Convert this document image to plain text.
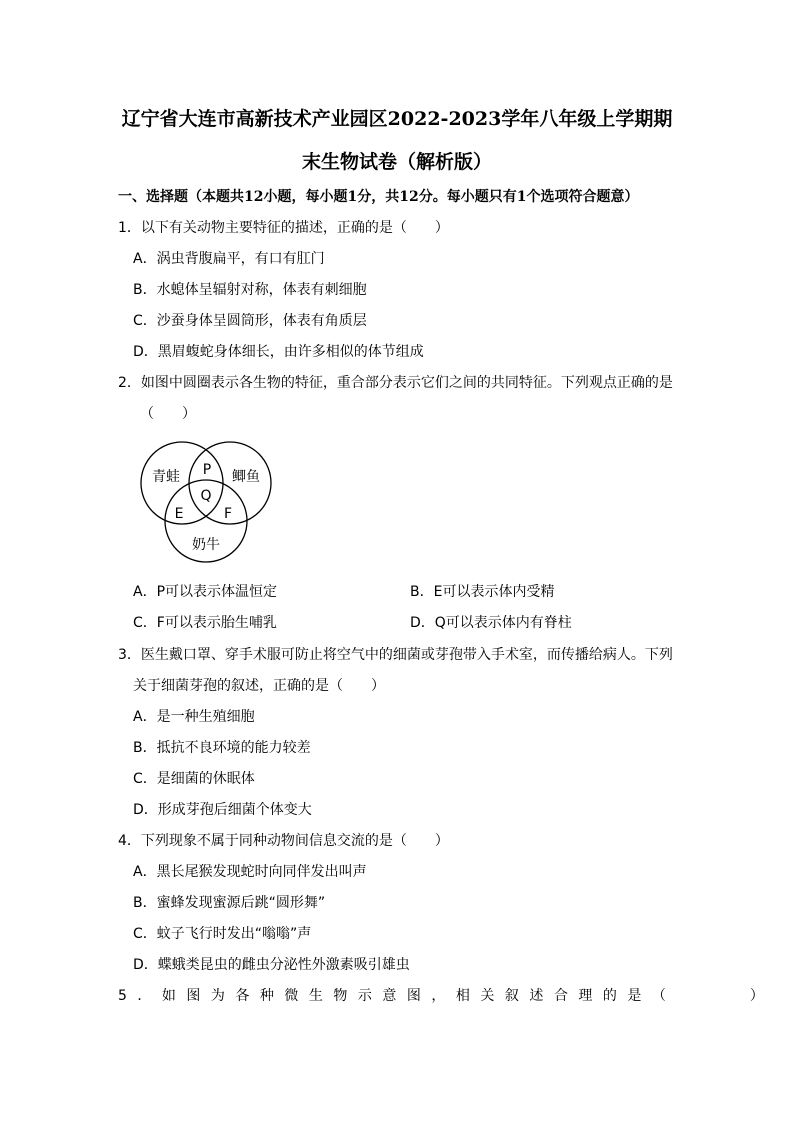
辽宁省大连市高新技术产业园区2022-2023学年八年级上学期期
末生物试卷（解析版）
一、选择题（本题共12小题，每小题1分，共12分。每小题只有1个选项符合题意）
1．以下有关动物主要特征的描述，正确的是（　　）
A．涡虫背腹扁平，有口有肛门
B．水螅体呈辐射对称，体表有刺细胞
C．沙蚕身体呈圆筒形，体表有角质层
D．黑眉蝮蛇身体细长，由许多相似的体节组成
2．如图中圆圈表示各生物的特征，重合部分表示它们之间的共同特征。下列观点正确的是
（　　）
青蛙	鲫鱼
奶牛
P
Q
E	F
A．P可以表示体温恒定	B．E可以表示体内受精
C．F可以表示胎生哺乳	D．Q可以表示体内有脊柱
3．医生戴口罩、穿手术服可防止将空气中的细菌或芽孢带入手术室，而传播给病人。下列
关于细菌芽孢的叙述，正确的是（　　）
A．是一种生殖细胞
B．抵抗不良环境的能力较差
C．是细菌的休眠体
D．形成芽孢后细菌个体变大
4．下列现象不属于同种动物间信息交流的是（　　）
A．黑长尾猴发现蛇时向同伴发出叫声
B．蜜蜂发现蜜源后跳“圆形舞”
C．蚊子飞行时发出“嗡嗡”声
D．蝶蛾类昆虫的雌虫分泌性外激素吸引雄虫
5．如图为各种微生物示意图，相关叙述合理的是（　　　）
